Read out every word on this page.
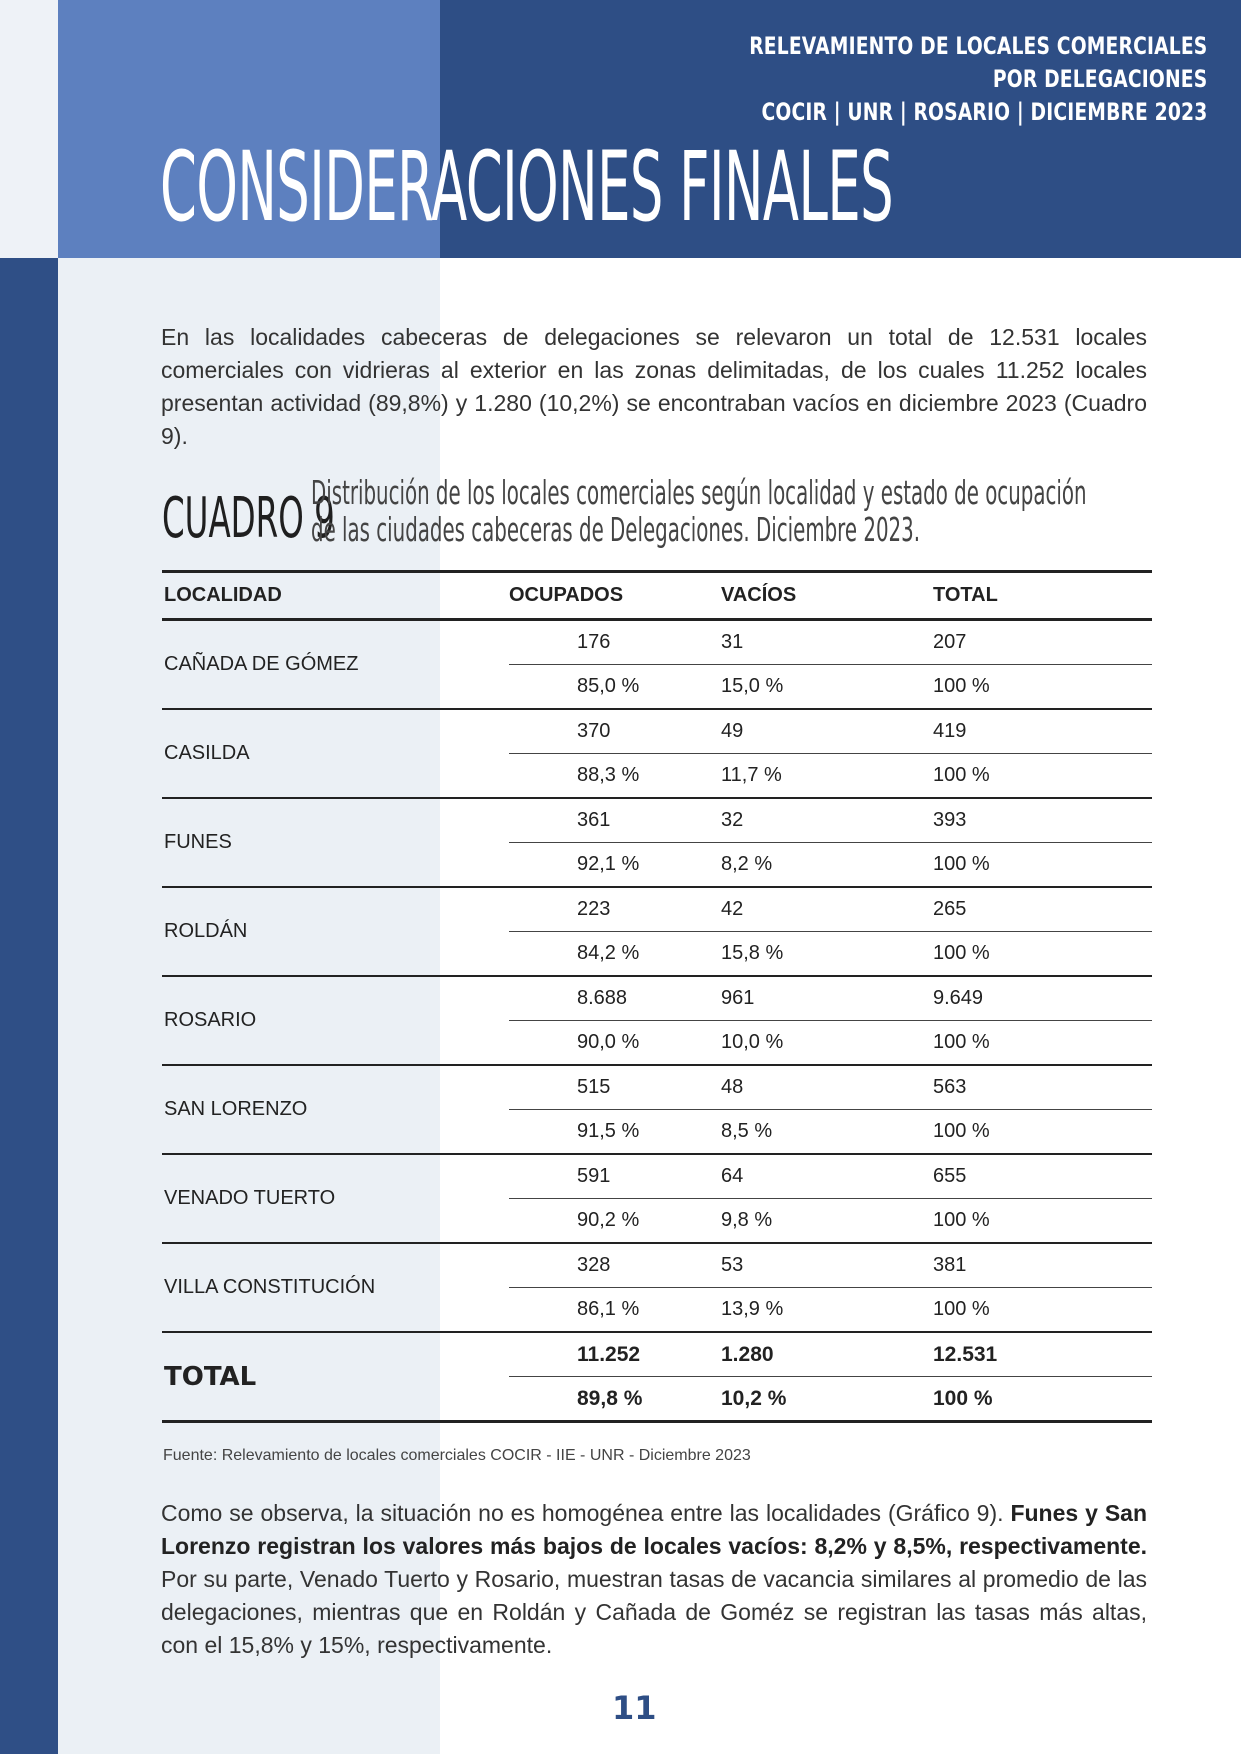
RELEVAMIENTO DE LOCALES COMERCIALES
POR DELEGACIONES
COCIR | UNR | ROSARIO | DICIEMBRE 2023
CONSIDERACIONES FINALES

En las localidades cabeceras de delegaciones se relevaron un total de 12.531 locales comerciales con vidrieras al exterior en las zonas delimitadas, de los cuales 11.252 locales presentan actividad (89,8%) y 1.280 (10,2%) se encontraban vacíos en diciembre 2023 (Cuadro 9).

CUADRO 9
Distribución de los locales comerciales según localidad y estado de ocupación
de las ciudades cabeceras de Delegaciones. Diciembre 2023.
LOCALIDAD	OCUPADOS	VACÍOS	TOTAL
CAÑADA DE GÓMEZ	176	31	207
	85,0 %	15,0 %	100 %
CASILDA	370	49	419
	88,3 %	11,7 %	100 %
FUNES	361	32	393
	92,1 %	8,2 %	100 %
ROLDÁN	223	42	265
	84,2 %	15,8 %	100 %
ROSARIO	8.688	961	9.649
	90,0 %	10,0 %	100 %
SAN LORENZO	515	48	563
	91,5 %	8,5 %	100 %
VENADO TUERTO	591	64	655
	90,2 %	9,8 %	100 %
VILLA CONSTITUCIÓN	328	53	381
	86,1 %	13,9 %	100 %
TOTAL	11.252	1.280	12.531
	89,8 %	10,2 %	100 %
Fuente: Relevamiento de locales comerciales COCIR - IIE - UNR - Diciembre 2023

Como se observa, la situación no es homogénea entre las localidades (Gráfico 9). Funes y San Lorenzo registran los valores más bajos de locales vacíos: 8,2% y 8,5%, respectivamente. Por su parte, Venado Tuerto y Rosario, muestran tasas de vacancia similares al promedio de las delegaciones, mientras que en Roldán y Cañada de Goméz se registran las tasas más altas, con el 15,8% y 15%, respectivamente.

11
